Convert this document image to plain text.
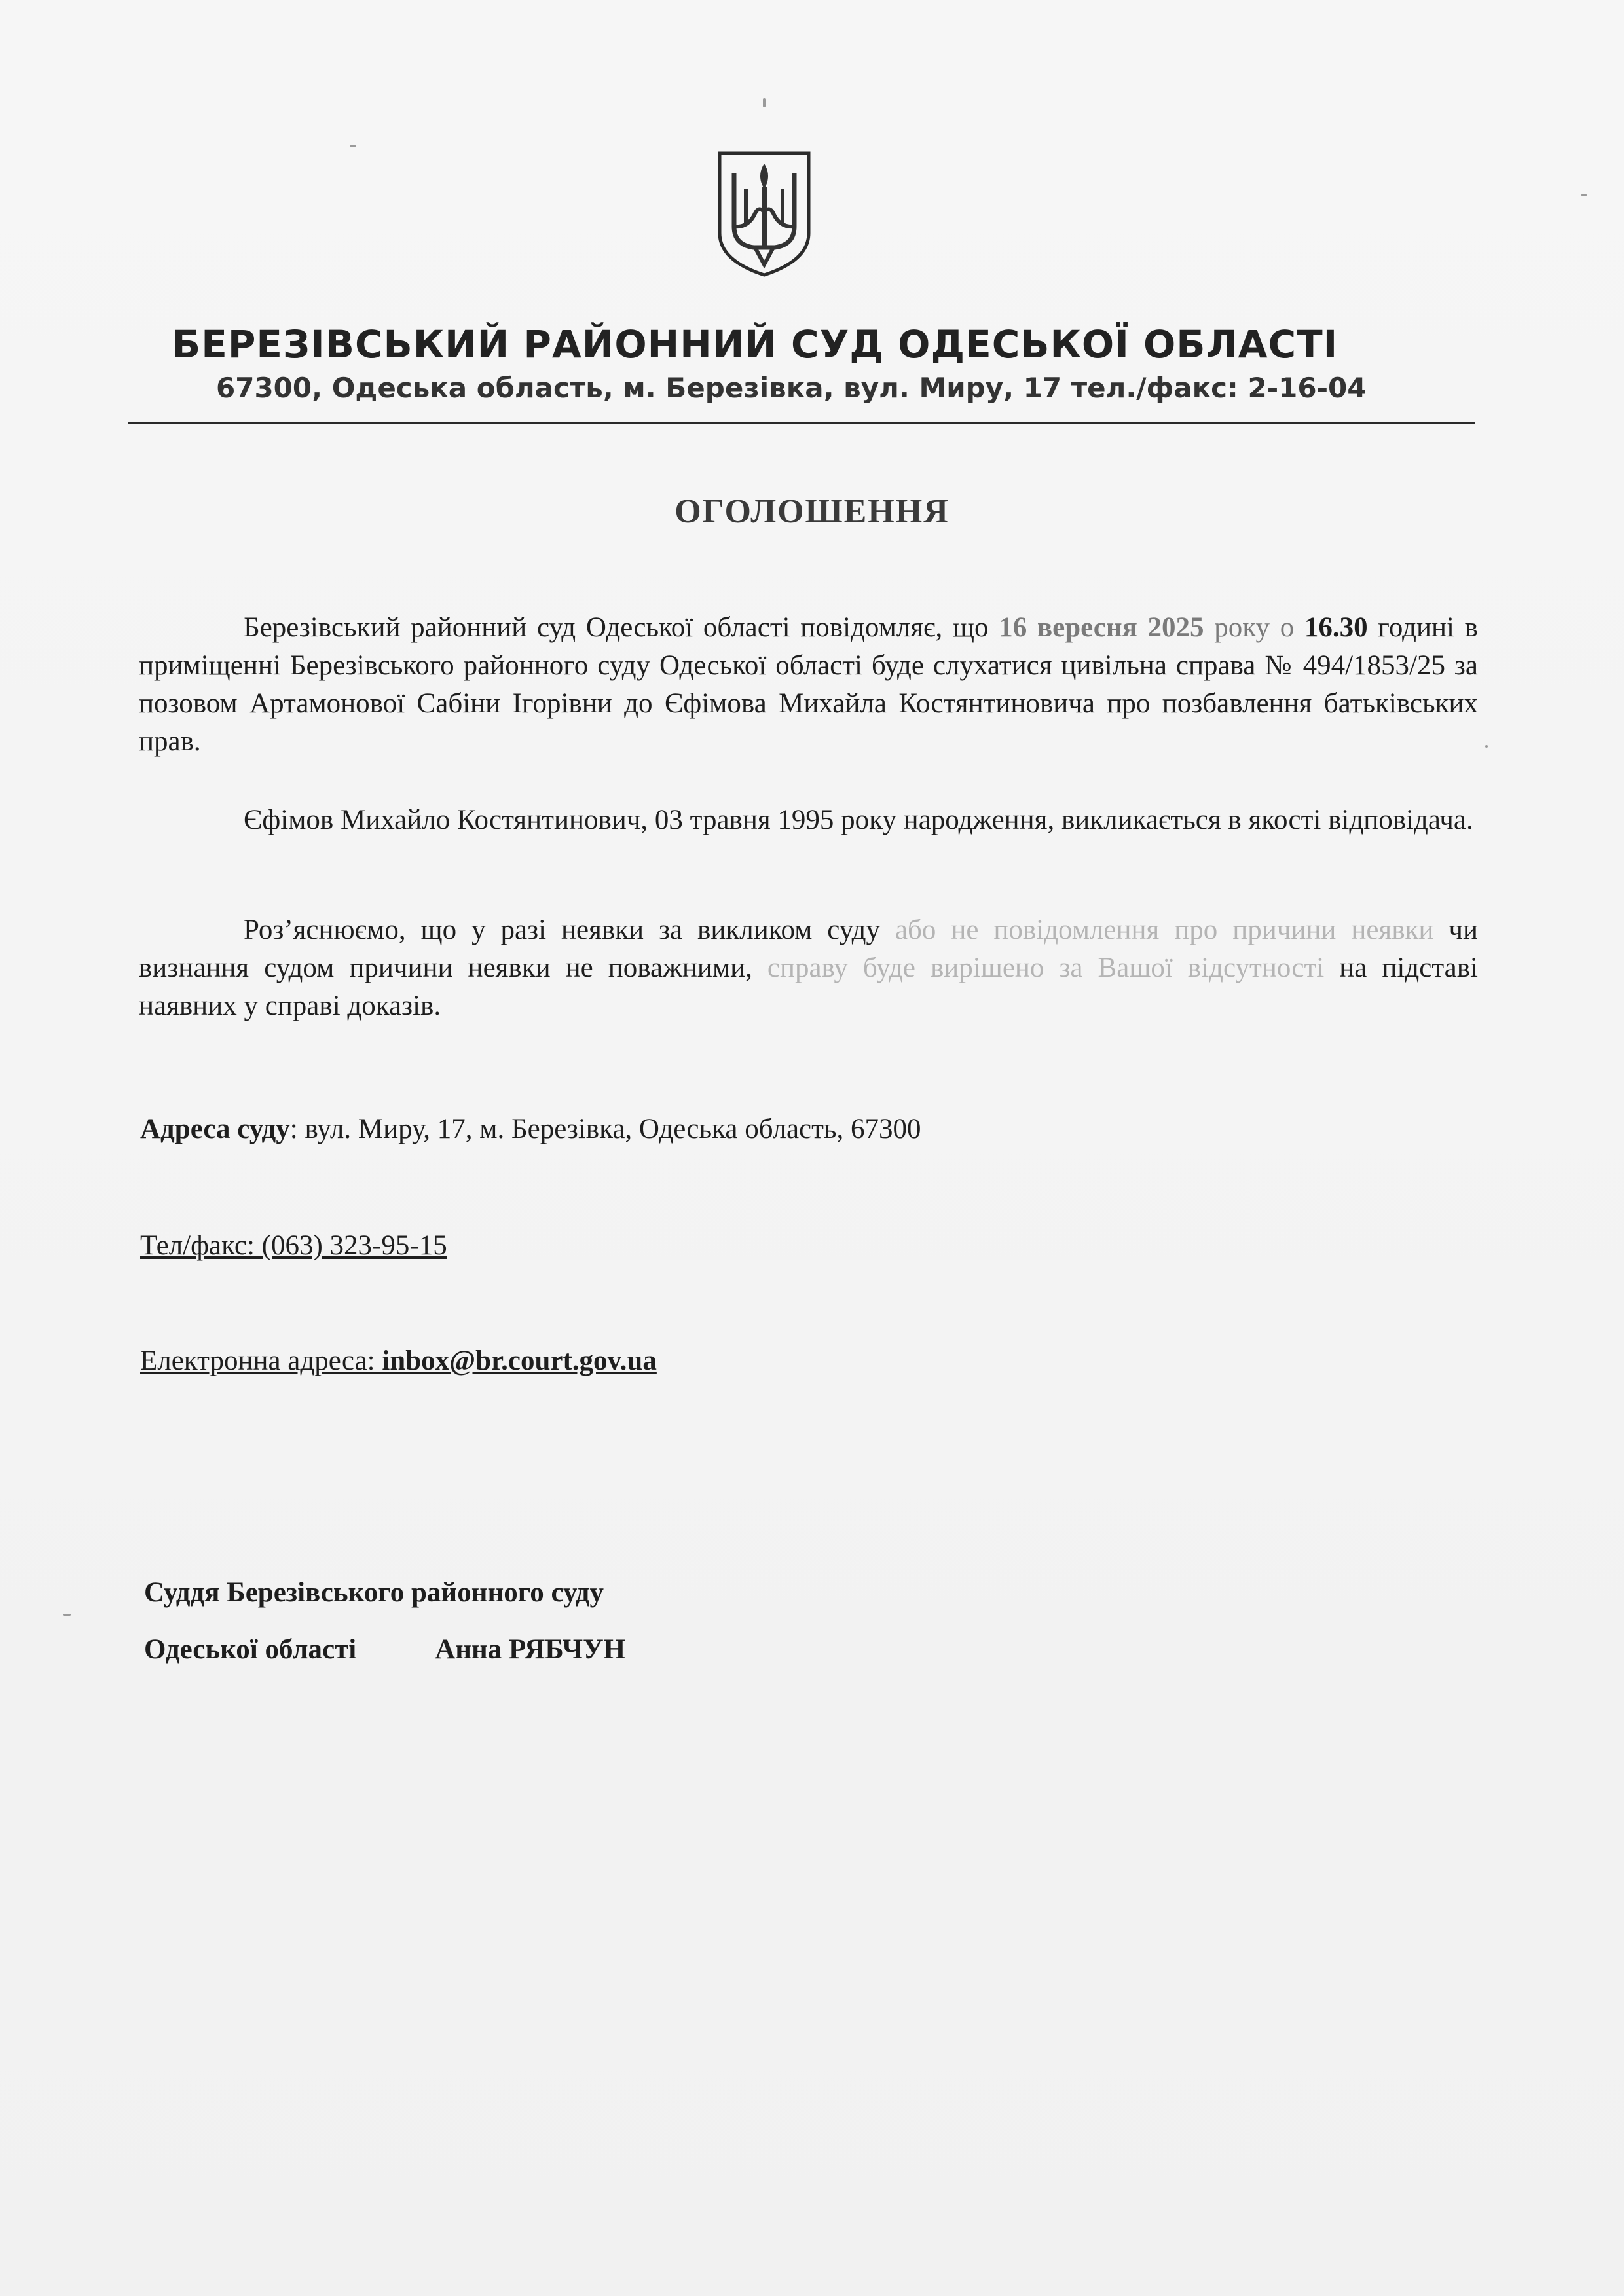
БЕРЕЗІВСЬКИЙ РАЙОННИЙ СУД ОДЕСЬКОЇ ОБЛАСТІ

67300, Одеська область, м. Березівка, вул. Миру, 17 тел./факс: 2-16-04

ОГОЛОШЕННЯ

Березівський районний суд Одеської області повідомляє, що 16 вересня 2025 року о 16.30 годині в приміщенні Березівського районного суду Одеської області буде слухатися цивільна справа № 494/1853/25 за позовом Артамонової Сабіни Ігорівни до Єфімова Михайла Костянтиновича про позбавлення батьківських прав.

Єфімов Михайло Костянтинович, 03 травня 1995 року народження, викликається в якості відповідача.

Роз’яснюємо, що у разі неявки за викликом суду або не повідомлення про причини неявки чи визнання судом причини неявки не поважними, справу буде вирішено за Вашої відсутності на підставі наявних у справі доказів.

Адреса суду: вул. Миру, 17, м. Березівка, Одеська область, 67300

Тел/факс: (063) 323-95-15

Електронна адреса: inbox@br.court.gov.ua

Суддя Березівського районного суду

Одеської області	Анна РЯБЧУН
